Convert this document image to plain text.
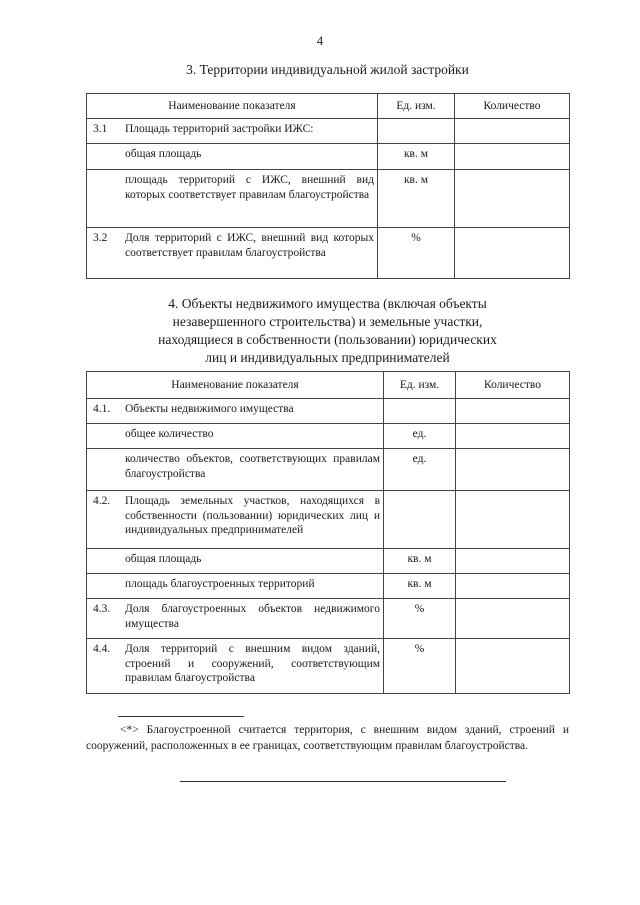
4
3. Территории индивидуальной жилой застройки
Наименование показателя	Ед. изм.	Количество

3.1 Площадь территорий застройки ИЖС:		

общая площадь	кв. м	

площадь территорий с ИЖС, внешний вид которых соответствует правилам благоустройства	кв. м	

3.2 Доля территорий с ИЖС, внешний вид которых соответствует правилам благоустройства	%	
4. Объекты недвижимого имущества (включая объекты
незавершенного строительства) и земельные участки,
находящиеся в собственности (пользовании) юридических
лиц и индивидуальных предпринимателей
Наименование показателя	Ед. изм.	Количество

4.1. Объекты недвижимого имущества		

общее количество	ед.	

количество объектов, соответствующих правилам благоустройства	ед.	

4.2. Площадь земельных участков, находящихся в собственности (пользовании) юридических лиц и индивидуальных предпринимателей		

общая площадь	кв. м	

площадь благоустроенных территорий	кв. м	

4.3. Доля благоустроенных объектов недвижимого имущества	%	

4.4. Доля территорий с внешним видом зданий, строений и сооружений, соответствующим правилам благоустройства	%	
<*> Благоустроенной считается территория, с внешним видом зданий, строений и сооружений, расположенных в ее границах, соответствующим правилам благоустройства.
